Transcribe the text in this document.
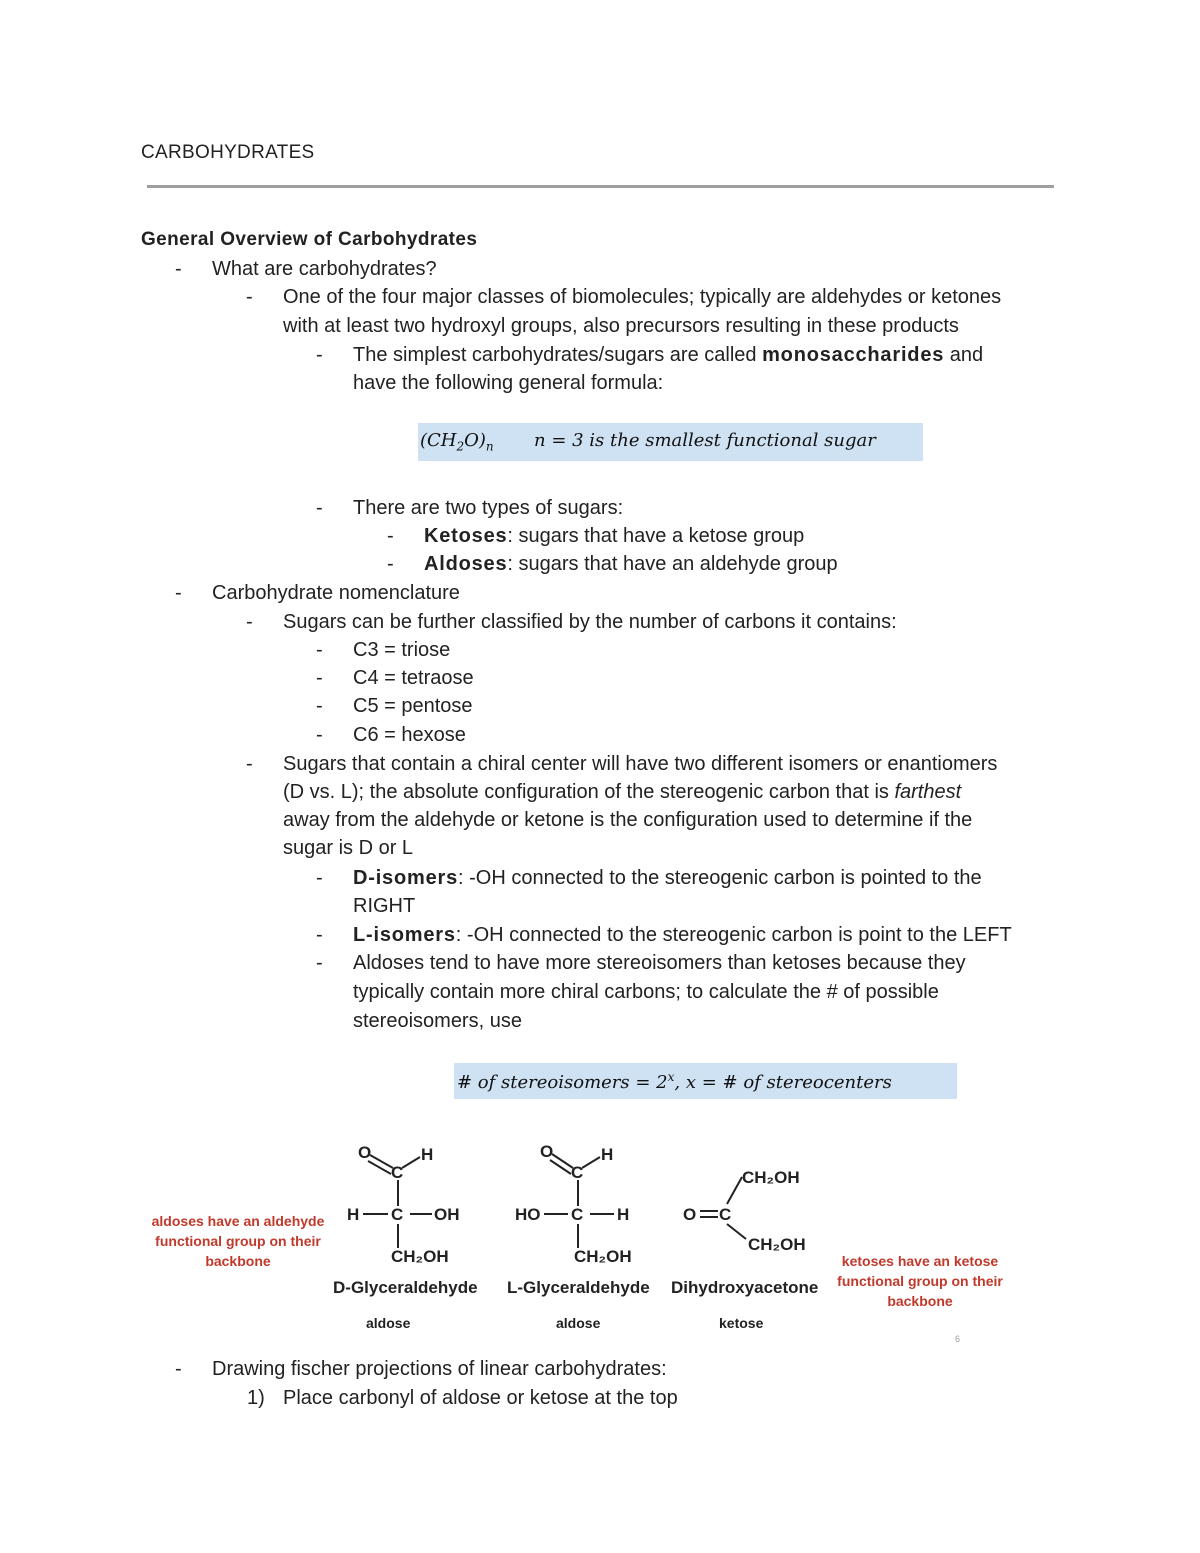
CARBOHYDRATES
General Overview of Carbohydrates
- What are carbohydrates?
- One of the four major classes of biomolecules; typically are aldehydes or ketones
with at least two hydroxyl groups, also precursors resulting in these products
- The simplest carbohydrates/sugars are called monosaccharides and
have the following general formula:
$(CH_2O)_n$ n = 3 is the smallest functional sugar
- There are two types of sugars:
- Ketoses: sugars that have a ketose group
- Aldoses: sugars that have an aldehyde group
- Carbohydrate nomenclature
- Sugars can be further classified by the number of carbons it contains:
- C3 = triose
- C4 = tetraose
- C5 = pentose
- C6 = hexose
- Sugars that contain a chiral center will have two different isomers or enantiomers
(D vs. L); the absolute configuration of the stereogenic carbon that is farthest
away from the aldehyde or ketone is the configuration used to determine if the
sugar is D or L
- D-isomers: -OH connected to the stereogenic carbon is pointed to the
RIGHT
- L-isomers: -OH connected to the stereogenic carbon is point to the LEFT
- Aldoses tend to have more stereoisomers than ketoses because they
typically contain more chiral carbons; to calculate the # of possible
stereoisomers, use
# of stereoisomers = $2^x$, x = # of stereocenters
aldoses have an aldehyde functional group on their backbone	ketoses have an ketose functional group on their backbone
O
C
H
H C OH
CH₂OH
O
C
H
HO C H
CH₂OH
O C
CH₂OH
CH₂OH
D-Glyceraldehyde L-Glyceraldehyde Dihydroxyacetone
aldose	aldose	ketose
6
- Drawing fischer projections of linear carbohydrates:
1) Place carbonyl of aldose or ketose at the top
